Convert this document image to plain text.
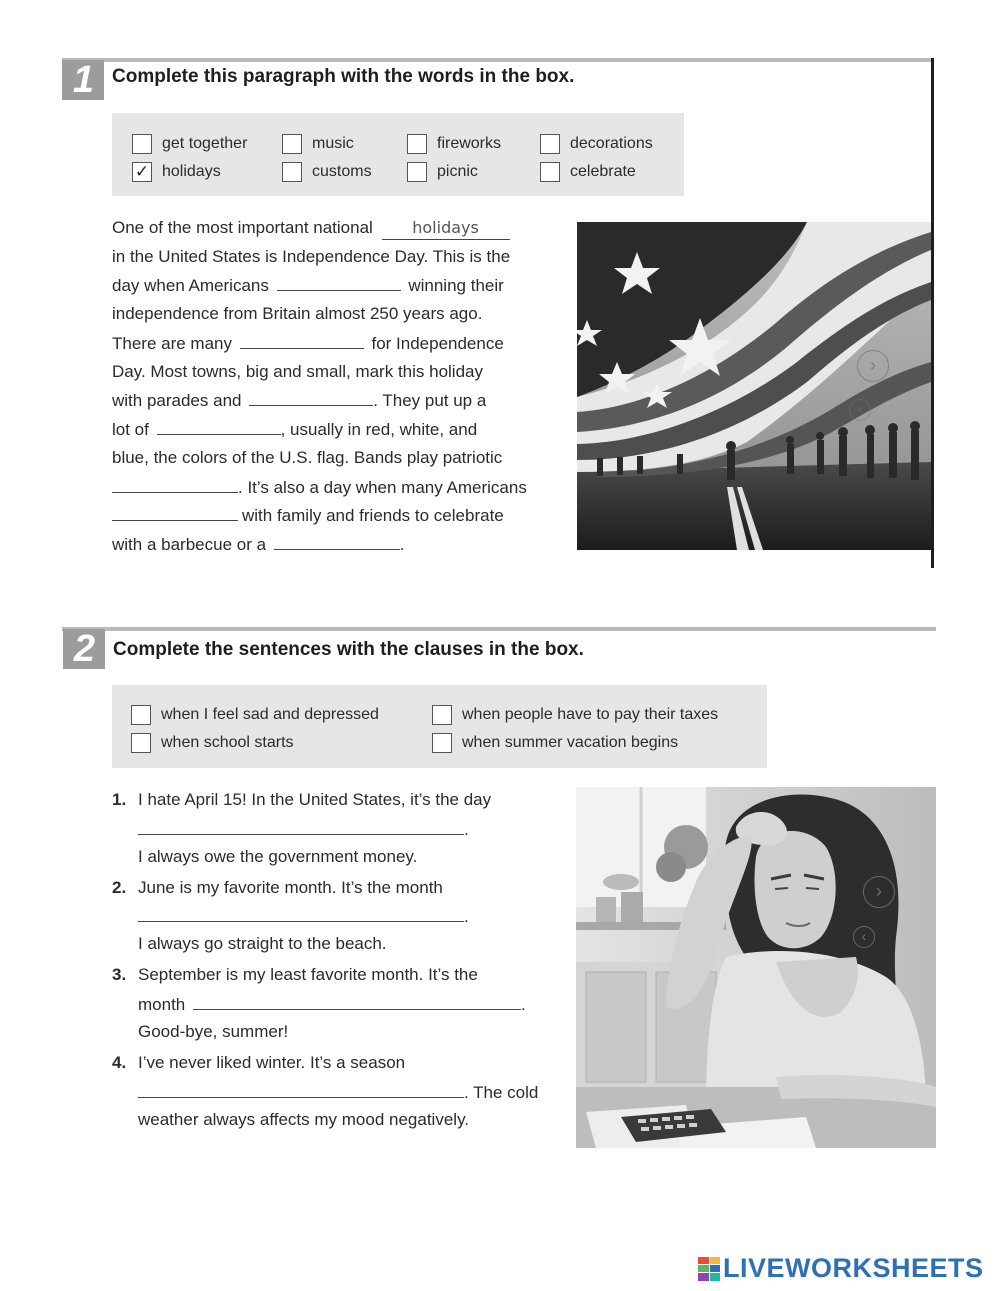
1 Complete this paragraph with the words in the box.
get together	music	fireworks	decorations
✓ holidays	customs	picnic	celebrate
One of the most important national holidays
in the United States is Independence Day. This is the
day when Americans	winning their
independence from Britain almost 250 years ago.
There are many	for Independence
Day. Most towns, big and small, mark this holiday
with parades and	. They put up a
lot of	, usually in red, white, and
blue, the colors of the U.S. flag. Bands play patriotic
. It’s also a day when many Americans
with family and friends to celebrate
with a barbecue or a	.
›
‹
2 Complete the sentences with the clauses in the box.
when I feel sad and depressed	when people have to pay their taxes
when school starts	when summer vacation begins
1. I hate April 15! In the United States, it’s the day
.
I always owe the government money.
2. June is my favorite month. It’s the month
.
I always go straight to the beach.
3. September is my least favorite month. It’s the
month	.
Good-bye, summer!
4. I’ve never liked winter. It’s a season
. The cold
weather always affects my mood negatively.
›
‹
LIVEWORKSHEETS
